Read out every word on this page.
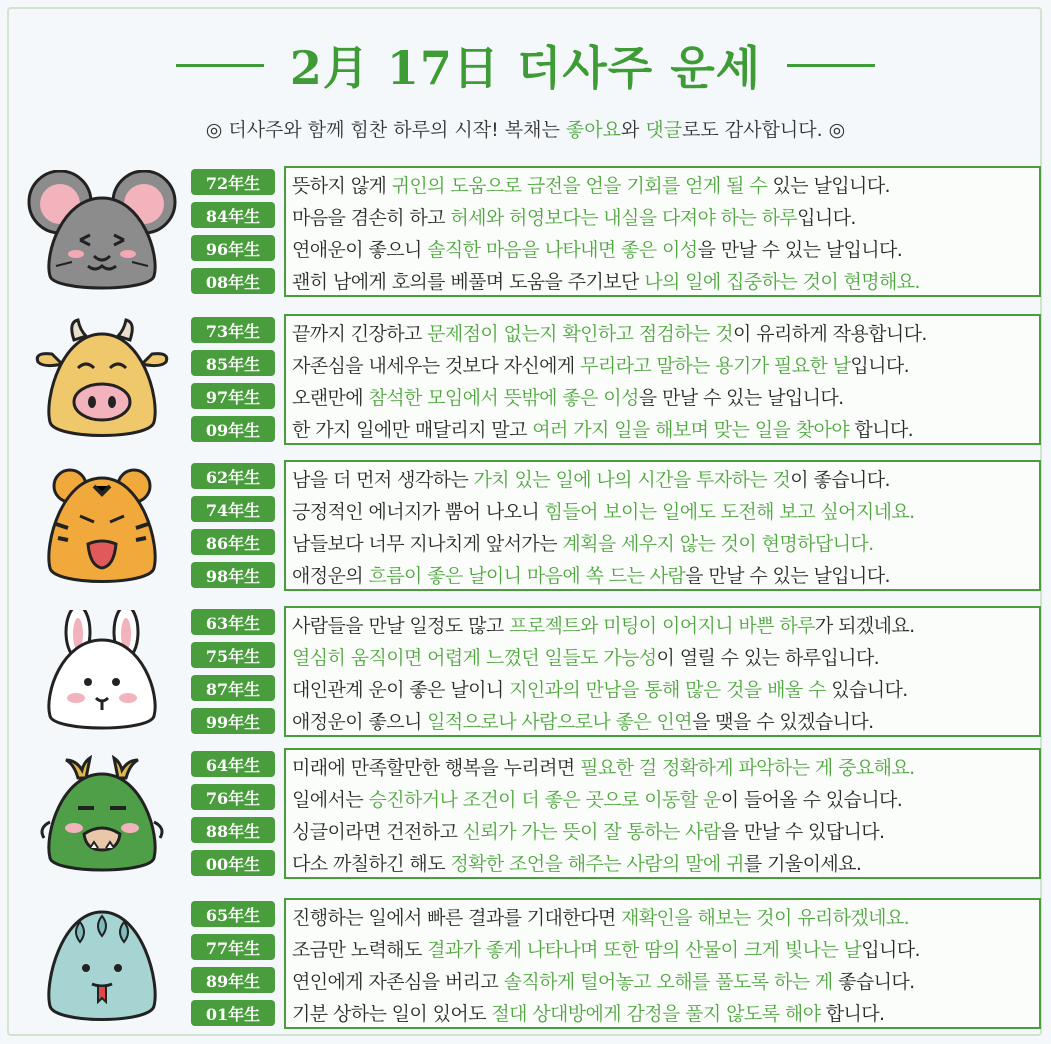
2月 17日 더사주 운세
◎ 더사주와 함께 힘찬 하루의 시작! 복채는 좋아요와 댓글로도 감사합니다. ◎
72年生
84年生
96年生
08年生
뜻하지 않게 귀인의 도움으로 금전을 얻을 기회를 얻게 될 수 있는 날입니다.
마음을 겸손히 하고 허세와 허영보다는 내실을 다져야 하는 하루입니다.
연애운이 좋으니 솔직한 마음을 나타내면 좋은 이성을 만날 수 있는 날입니다.
괜히 남에게 호의를 베풀며 도움을 주기보단 나의 일에 집중하는 것이 현명해요.
73年生
85年生
97年生
09年生
끝까지 긴장하고 문제점이 없는지 확인하고 점검하는 것이 유리하게 작용합니다.
자존심을 내세우는 것보다 자신에게 무리라고 말하는 용기가 필요한 날입니다.
오랜만에 참석한 모임에서 뜻밖에 좋은 이성을 만날 수 있는 날입니다.
한 가지 일에만 매달리지 말고 여러 가지 일을 해보며 맞는 일을 찾아야 합니다.
62年生
74年生
86年生
98年生
남을 더 먼저 생각하는 가치 있는 일에 나의 시간을 투자하는 것이 좋습니다.
긍정적인 에너지가 뿜어 나오니 힘들어 보이는 일에도 도전해 보고 싶어지네요.
남들보다 너무 지나치게 앞서가는 계획을 세우지 않는 것이 현명하답니다.
애정운의 흐름이 좋은 날이니 마음에 쏙 드는 사람을 만날 수 있는 날입니다.
63年生
75年生
87年生
99年生
사람들을 만날 일정도 많고 프로젝트와 미팅이 이어지니 바쁜 하루가 되겠네요.
열심히 움직이면 어렵게 느꼈던 일들도 가능성이 열릴 수 있는 하루입니다.
대인관계 운이 좋은 날이니 지인과의 만남을 통해 많은 것을 배울 수 있습니다.
애정운이 좋으니 일적으로나 사람으로나 좋은 인연을 맺을 수 있겠습니다.
64年生
76年生
88年生
00年生
미래에 만족할만한 행복을 누리려면 필요한 걸 정확하게 파악하는 게 중요해요.
일에서는 승진하거나 조건이 더 좋은 곳으로 이동할 운이 들어올 수 있습니다.
싱글이라면 건전하고 신뢰가 가는 뜻이 잘 통하는 사람을 만날 수 있답니다.
다소 까칠하긴 해도 정확한 조언을 해주는 사람의 말에 귀를 기울이세요.
65年生
77年生
89年生
01年生
진행하는 일에서 빠른 결과를 기대한다면 재확인을 해보는 것이 유리하겠네요.
조금만 노력해도 결과가 좋게 나타나며 또한 땀의 산물이 크게 빛나는 날입니다.
연인에게 자존심을 버리고 솔직하게 털어놓고 오해를 풀도록 하는 게 좋습니다.
기분 상하는 일이 있어도 절대 상대방에게 감정을 풀지 않도록 해야 합니다.
